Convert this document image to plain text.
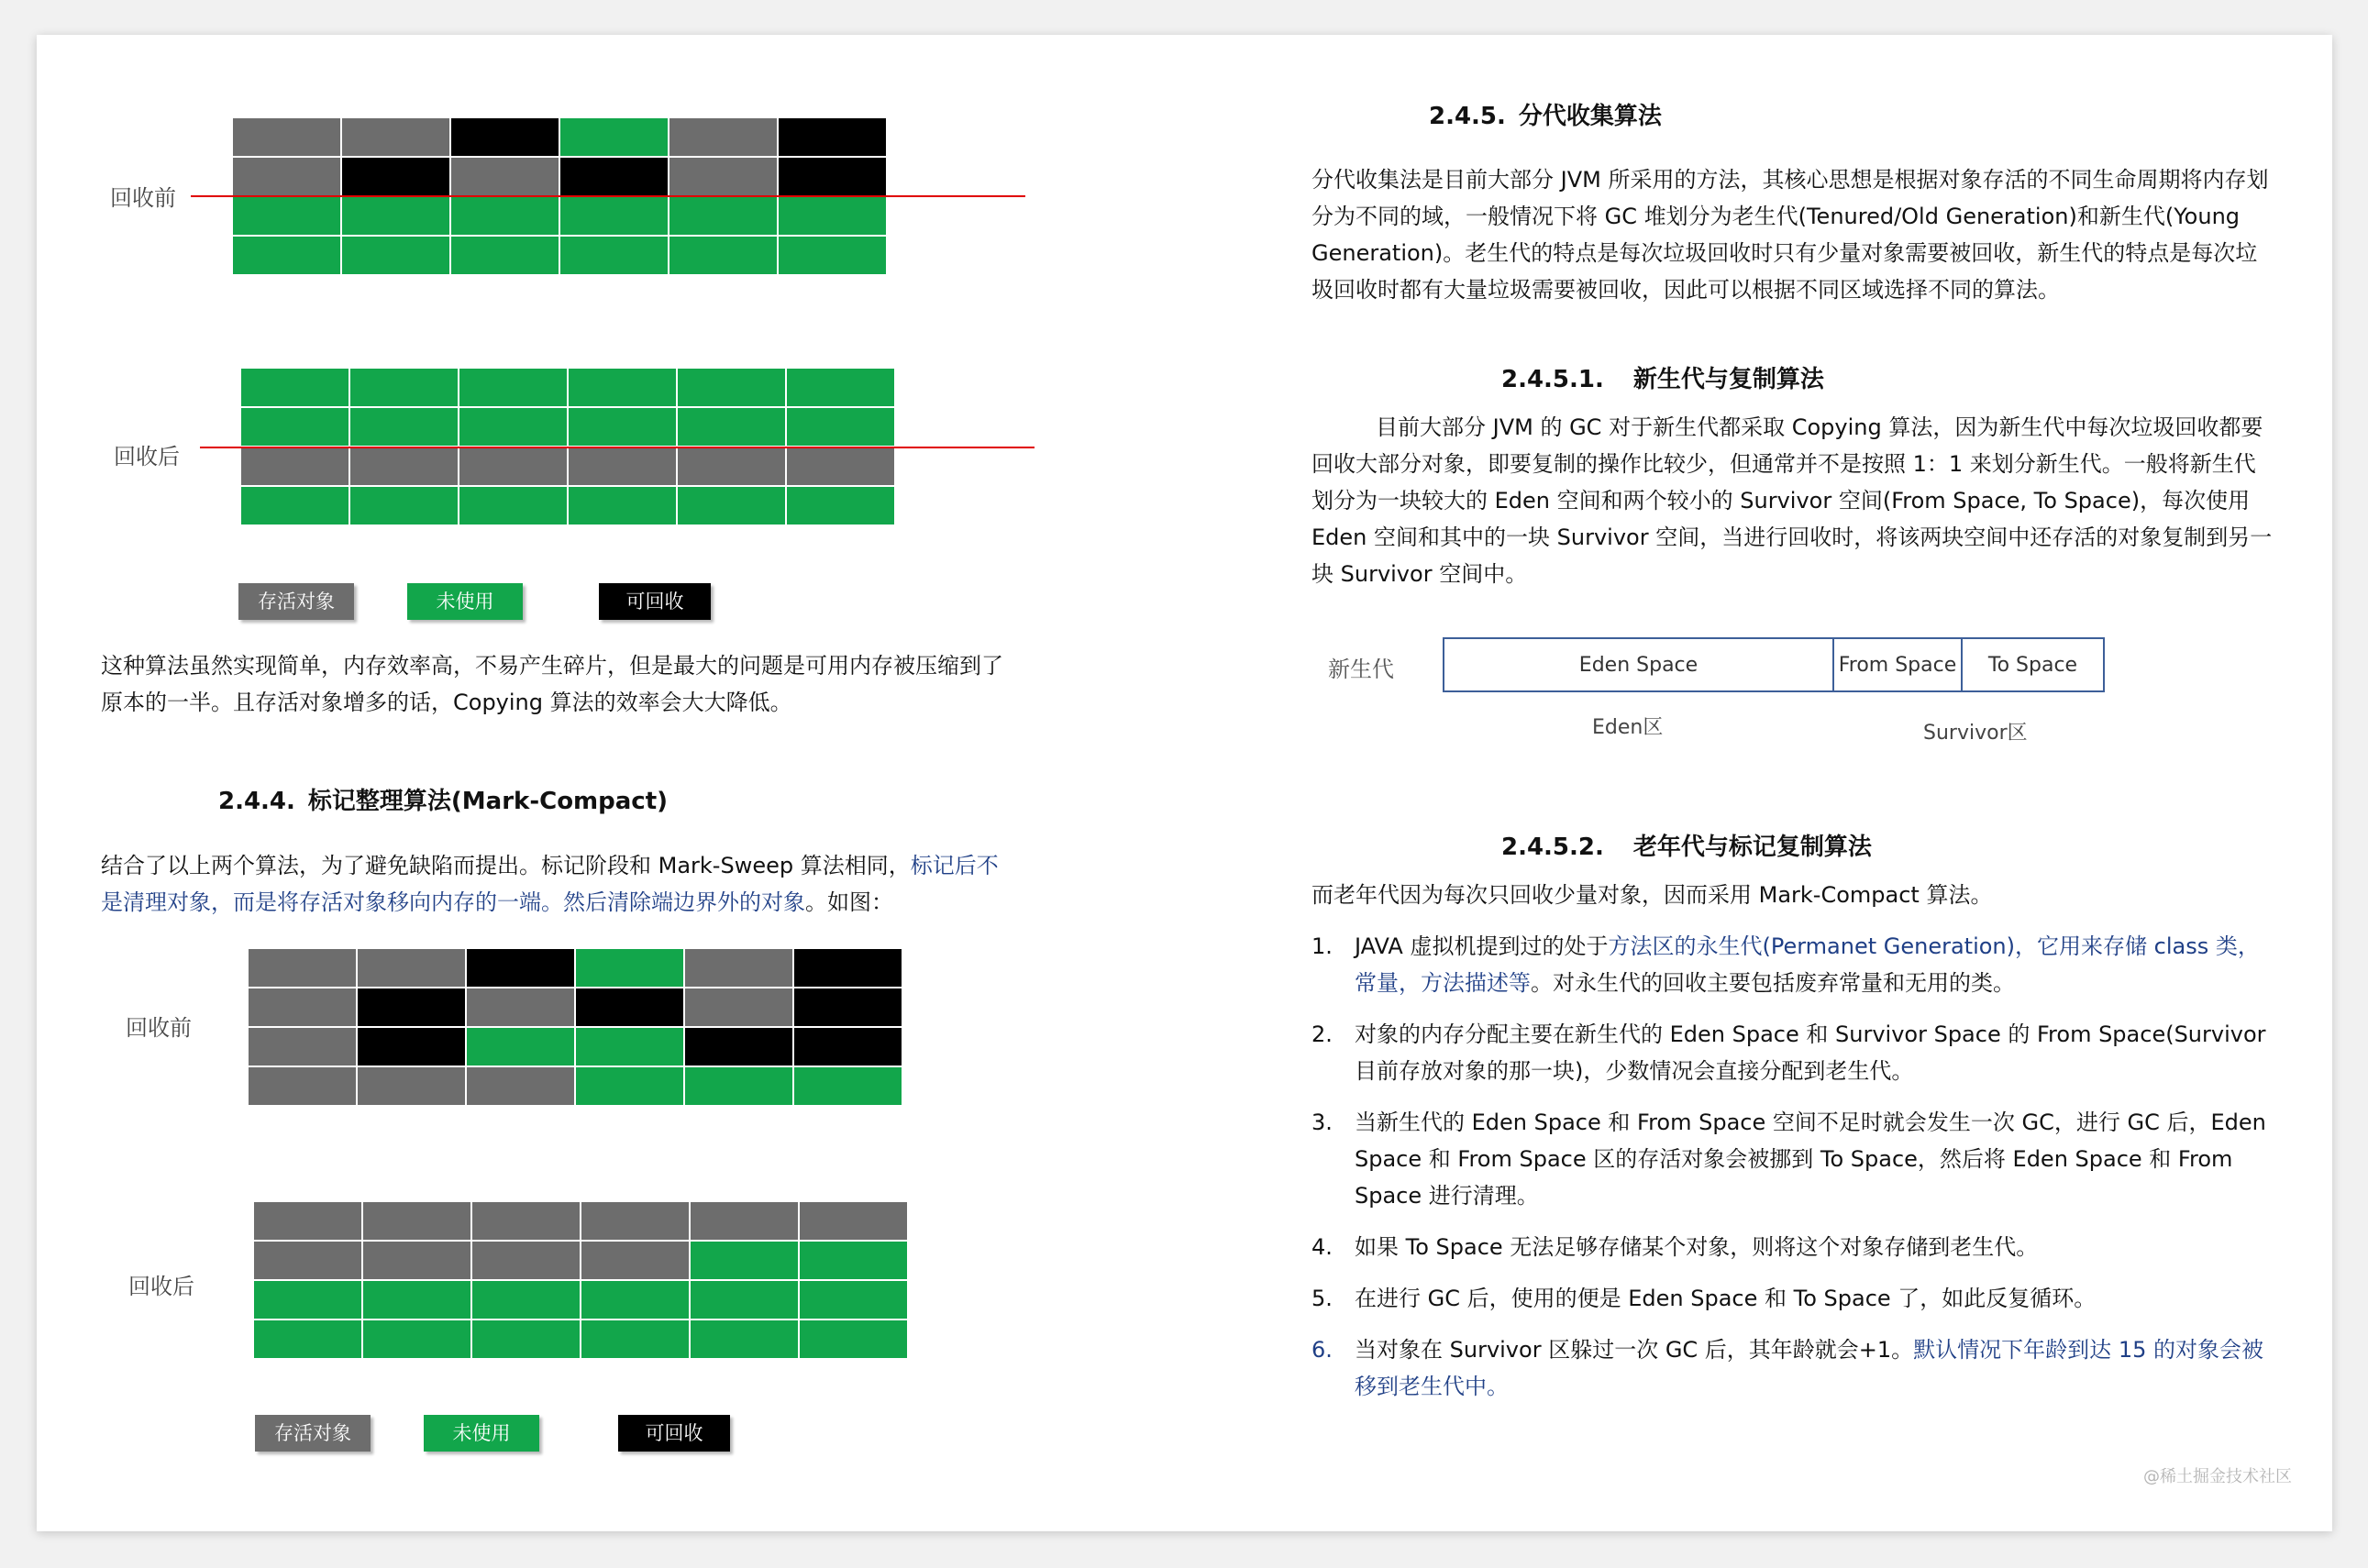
回收前
回收后
存活对象	未使用	可回收
这种算法虽然实现简单，内存效率高，不易产生碎片，但是最大的问题是可用内存被压缩到了原本的一半。且存活对象增多的话，Copying 算法的效率会大大降低。
2.4.4. 标记整理算法(Mark-Compact)
结合了以上两个算法，为了避免缺陷而提出。标记阶段和 Mark-Sweep 算法相同，标记后不是清理对象，而是将存活对象移向内存的一端。然后清除端边界外的对象。如图：
回收前
回收后
存活对象	未使用	可回收
2.4.5. 分代收集算法
分代收集法是目前大部分 JVM 所采用的方法，其核心思想是根据对象存活的不同生命周期将内存划分为不同的域，一般情况下将 GC 堆划分为老生代(Tenured/Old Generation)和新生代(Young Generation)。老生代的特点是每次垃圾回收时只有少量对象需要被回收，新生代的特点是每次垃圾回收时都有大量垃圾需要被回收，因此可以根据不同区域选择不同的算法。
2.4.5.1. 新生代与复制算法
目前大部分 JVM 的 GC 对于新生代都采取 Copying 算法，因为新生代中每次垃圾回收都要回收大部分对象，即要复制的操作比较少，但通常并不是按照 1：1 来划分新生代。一般将新生代划分为一块较大的 Eden 空间和两个较小的 Survivor 空间(From Space, To Space)，每次使用 Eden 空间和其中的一块 Survivor 空间，当进行回收时，将该两块空间中还存活的对象复制到另一块 Survivor 空间中。
新生代	Eden Space	From Space	To Space
Eden区	Survivor区
2.4.5.2. 老年代与标记复制算法
而老年代因为每次只回收少量对象，因而采用 Mark-Compact 算法。
1. JAVA 虚拟机提到过的处于方法区的永生代(Permanet Generation)，它用来存储 class 类，常量，方法描述等。对永生代的回收主要包括废弃常量和无用的类。
2. 对象的内存分配主要在新生代的 Eden Space 和 Survivor Space 的 From Space(Survivor 目前存放对象的那一块)，少数情况会直接分配到老生代。
3. 当新生代的 Eden Space 和 From Space 空间不足时就会发生一次 GC，进行 GC 后，Eden Space 和 From Space 区的存活对象会被挪到 To Space，然后将 Eden Space 和 From Space 进行清理。
4. 如果 To Space 无法足够存储某个对象，则将这个对象存储到老生代。
5. 在进行 GC 后，使用的便是 Eden Space 和 To Space 了，如此反复循环。
6. 当对象在 Survivor 区躲过一次 GC 后，其年龄就会+1。默认情况下年龄到达 15 的对象会被移到老生代中。
@稀土掘金技术社区
